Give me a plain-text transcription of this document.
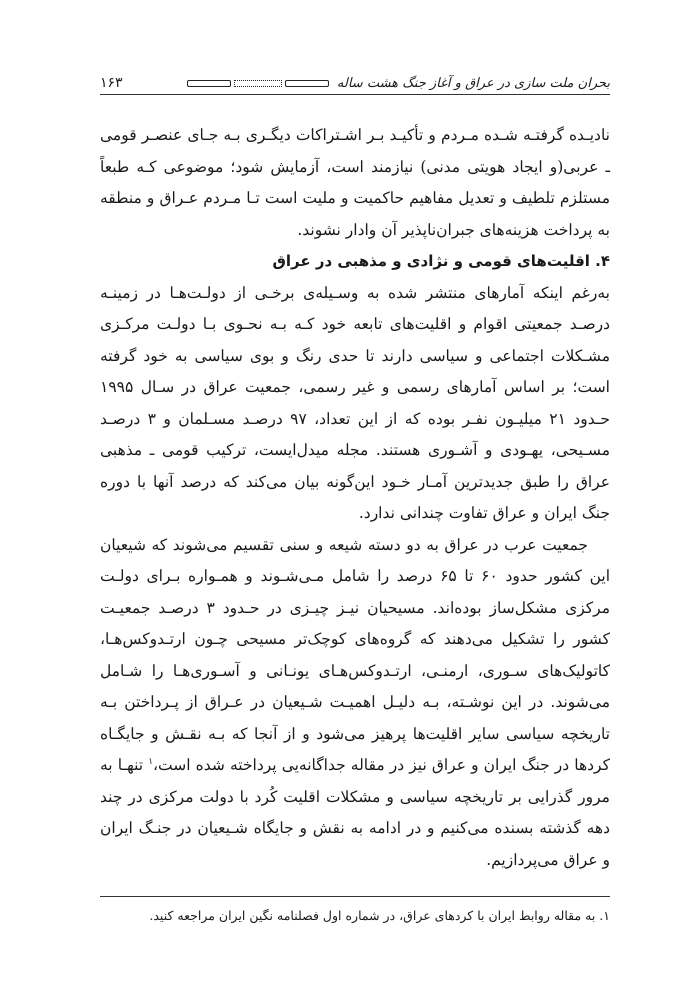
بحران ملت سازی در عراق و آغاز جنگ هشت ساله
۱۶۳

نادیـده گرفتـه شـده مـردم و تأکیـد بـر اشـتراکات دیگـری بـه جـای عنصـر قومی ـ عربی(و ایجاد هویتی مدنی) نیازمند است، آزمایش شود؛ موضوعی کـه طبعاً مستلزم تلطیف و تعدیل مفاهیم حاکمیت و ملیت است تـا مـردم عـراق و منطقه به پرداخت هزینه‌های جبران‌ناپذیر آن وادار نشوند.

۴. اقلیت‌های قومی و نژادی و مذهبی در عراق

به‌رغم اینکه آمارهای منتشر شده به وسـیله‌ی برخـی از دولـت‌هـا در زمینـه درصـد جمعیتی اقوام و اقلیت‌های تابعه خود کـه بـه نحـوی بـا دولـت مرکـزی مشـکلات اجتماعی و سیاسی دارند تا حدی رنگ و بوی سیاسی به خود گرفته است؛ بر اساس آمارهای رسمی و غیر رسمی، جمعیت عراق در سـال ۱۹۹۵ حـدود ۲۱ میلیـون نفـر بوده که از این تعداد، ۹۷ درصـد مسـلمان و ۳ درصـد مسـیحی، یهـودی و آشـوری هستند. مجله میدل‌ایست، ترکیب قومی ـ مذهبی عراق را طبق جدیدترین آمـار خـود این‌گونه بیان می‌کند که درصد آنها با دوره جنگ ایران و عراق تفاوت چندانی ندارد.

جمعیت عرب در عراق به دو دسته شیعه و سنی تقسیم می‌شوند که شیعیان این کشور حدود ۶۰ تا ۶۵ درصد را شامل مـی‌شـوند و همـواره بـرای دولـت مرکزی مشکل‌ساز بوده‌اند. مسیحیان نیـز چیـزی در حـدود ۳ درصـد جمعیـت کشور را تشکیل می‌دهند که گروه‌های کوچک‌تر مسیحی چـون ارتـدوکس‌هـا، کاتولیک‌های سـوری، ارمنـی، ارتـدوکس‌هـای یونـانی و آسـوری‌هـا را شـامل می‌شوند. در این نوشـته، بـه دلیـل اهمیـت شـیعیان در عـراق از پـرداختن بـه تاریخچه سیاسی سایر اقلیت‌ها پرهیز می‌شود و از آنجا که بـه نقـش و جایگـاه کردها در جنگ ایران و عراق نیز در مقاله جداگانه‌یی پرداخته شده است،$^۱$ تنهـا به مرور گذرایی بر تاریخچه سیاسی و مشکلات اقلیت کُرد با دولت مرکزی در چند دهه گذشته بسنده می‌کنیم و در ادامه به نقش و جایگاه شـیعیان در جنـگ ایران و عراق می‌پردازیم.

۱. به مقاله روابط ایران با کردهای عراق، در شماره اول فصلنامه نگین ایران مراجعه کنید.
